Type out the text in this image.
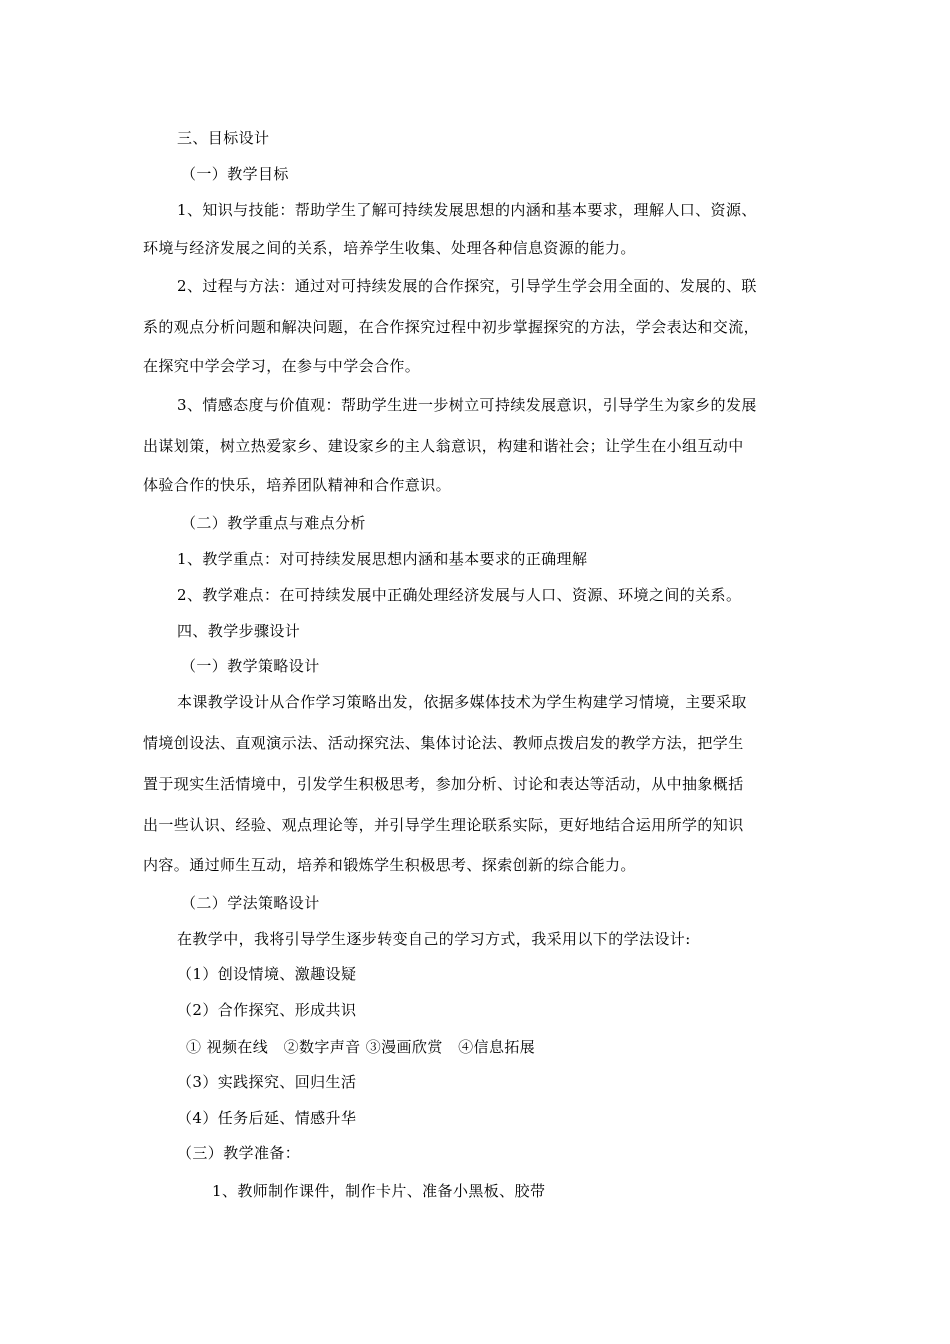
三、目标设计
（一）教学目标
1、知识与技能：帮助学生了解可持续发展思想的内涵和基本要求，理解人口、资源、
环境与经济发展之间的关系，培养学生收集、处理各种信息资源的能力。
2、过程与方法：通过对可持续发展的合作探究，引导学生学会用全面的、发展的、联
系的观点分析问题和解决问题，在合作探究过程中初步掌握探究的方法，学会表达和交流，
在探究中学会学习，在参与中学会合作。
3、情感态度与价值观：帮助学生进一步树立可持续发展意识，引导学生为家乡的发展
出谋划策，树立热爱家乡、建设家乡的主人翁意识，构建和谐社会；让学生在小组互动中
体验合作的快乐，培养团队精神和合作意识。
（二）教学重点与难点分析
1、教学重点：对可持续发展思想内涵和基本要求的正确理解
2、教学难点：在可持续发展中正确处理经济发展与人口、资源、环境之间的关系。
四、教学步骤设计
（一）教学策略设计
本课教学设计从合作学习策略出发，依据多媒体技术为学生构建学习情境，主要采取
情境创设法、直观演示法、活动探究法、集体讨论法、教师点拨启发的教学方法，把学生
置于现实生活情境中，引发学生积极思考，参加分析、讨论和表达等活动，从中抽象概括
出一些认识、经验、观点理论等，并引导学生理论联系实际，更好地结合运用所学的知识
内容。通过师生互动，培养和锻炼学生积极思考、探索创新的综合能力。
（二）学法策略设计
在教学中，我将引导学生逐步转变自己的学习方式，我采用以下的学法设计:
（1）创设情境、激趣设疑
（2）合作探究、形成共识
① 视频在线　②数字声音 ③漫画欣赏　④信息拓展
（3）实践探究、回归生活
（4）任务后延、情感升华
（三）教学准备：
1、教师制作课件，制作卡片、准备小黑板、胶带
